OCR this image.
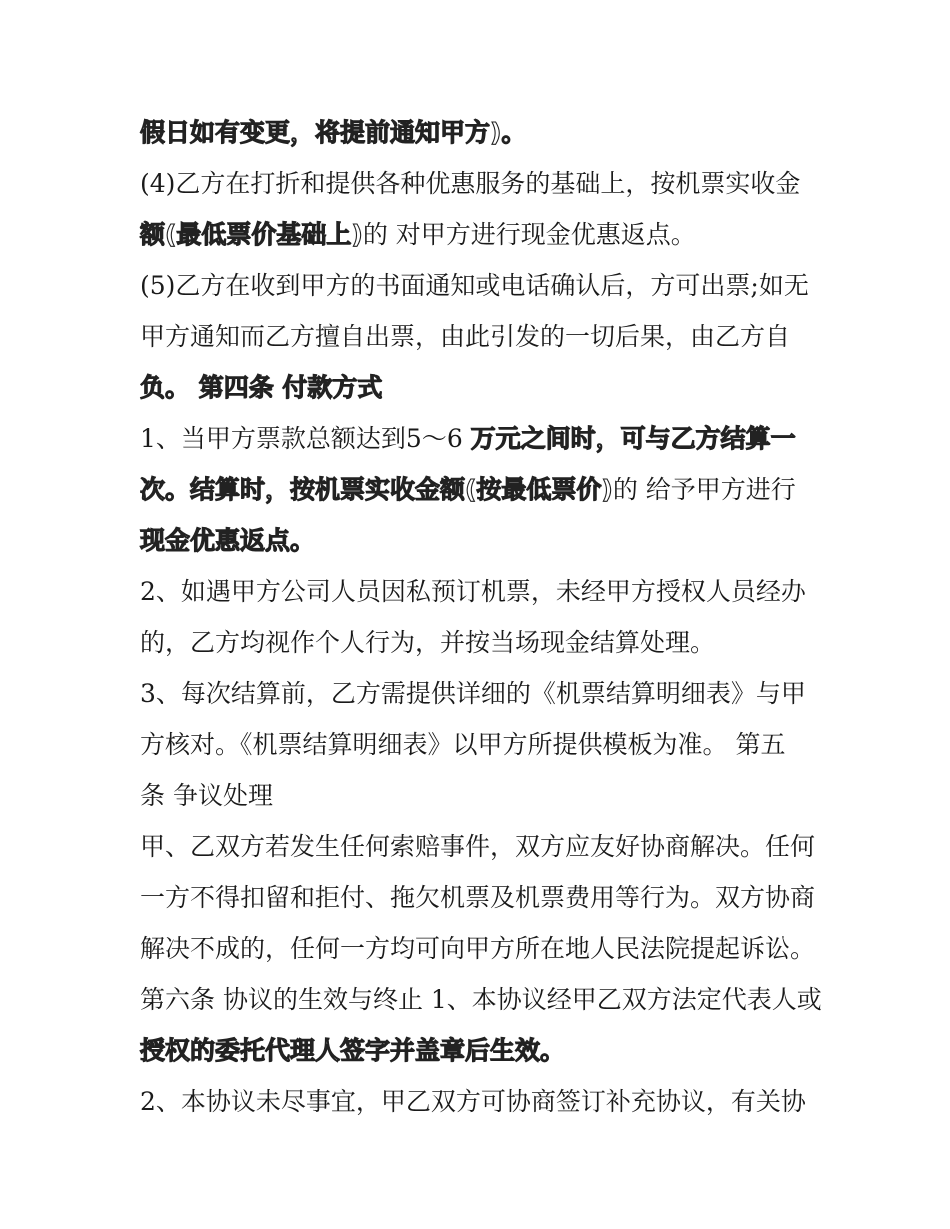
假日如有变更，将提前通知甲方)。
(4)乙方在打折和提供各种优惠服务的基础上，按机票实收金
额(最低票价基础上)的 对甲方进行现金优惠返点。
(5)乙方在收到甲方的书面通知或电话确认后，方可出票;如无
甲方通知而乙方擅自出票，由此引发的一切后果，由乙方自
负。 第四条 付款方式
1、当甲方票款总额达到5～6 万元之间时，可与乙方结算一
次。结算时，按机票实收金额(按最低票价)的 给予甲方进行
现金优惠返点。
2、如遇甲方公司人员因私预订机票，未经甲方授权人员经办
的，乙方均视作个人行为，并按当场现金结算处理。
3、每次结算前，乙方需提供详细的《机票结算明细表》与甲
方核对。《机票结算明细表》以甲方所提供模板为准。 第五
条 争议处理
甲、乙双方若发生任何索赔事件，双方应友好协商解决。任何
一方不得扣留和拒付、拖欠机票及机票费用等行为。双方协商
解决不成的，任何一方均可向甲方所在地人民法院提起诉讼。
第六条 协议的生效与终止 1、本协议经甲乙双方法定代表人或
授权的委托代理人签字并盖章后生效。
2、本协议未尽事宜，甲乙双方可协商签订补充协议，有关协
